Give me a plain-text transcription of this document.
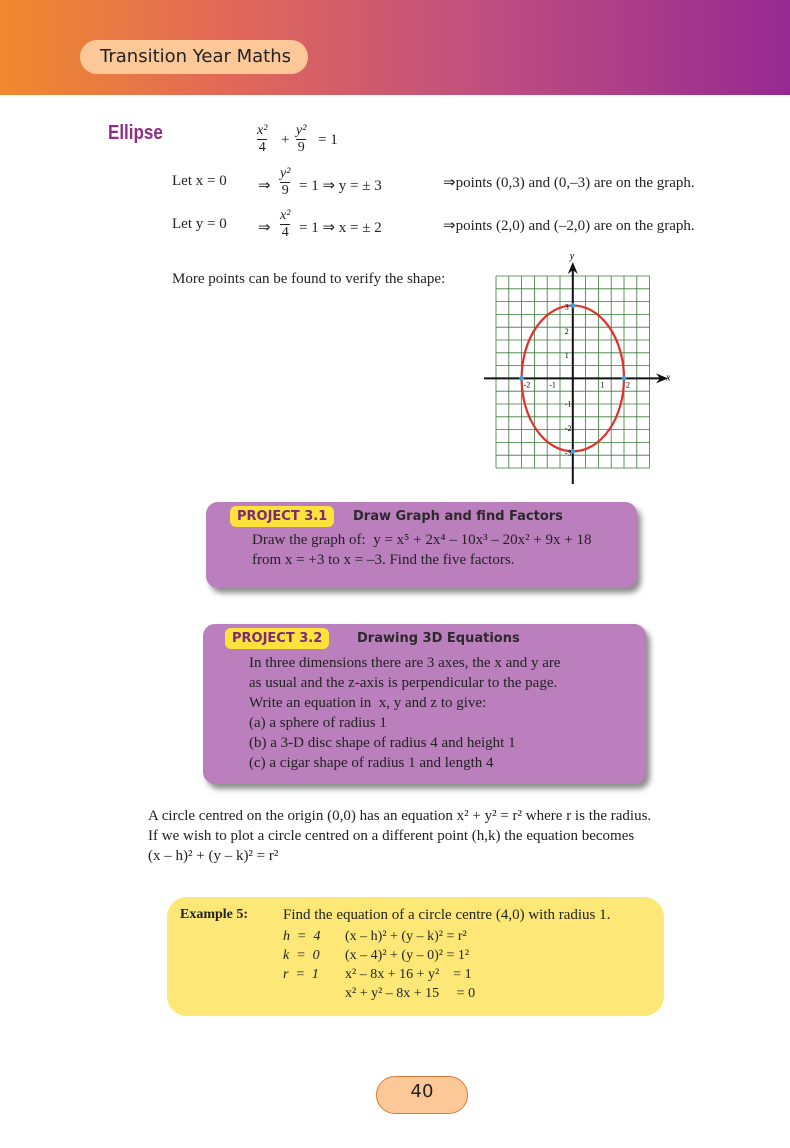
Transition Year Maths
Ellipse	x²
4 +
y²
9 = 1
Let x = 0 ⇒
y²
9 = 1 ⇒ y = ± 3	⇒points (0,3) and (0,–3) are on the graph.
Let y = 0 ⇒
x²
4 = 1 ⇒ x = ± 2	⇒points (2,0) and (–2,0) are on the graph.
More points can be found to verify the shape:
-2 -1	1	2
3
2
1
-1
-2
-3
x
y
PROJECT 3.1	Draw Graph and find Factors
Draw the graph of:  y = x⁵ + 2x⁴ – 10x³ – 20x² + 9x + 18
from x = +3 to x = –3. Find the five factors.
PROJECT 3.2	Drawing 3D Equations
In three dimensions there are 3 axes, the x and y are
as usual and the z-axis is perpendicular to the page.
Write an equation in  x, y and z to give:
(a) a sphere of radius 1
(b) a 3-D disc shape of radius 4 and height 1
(c) a cigar shape of radius 1 and length 4
A circle centred on the origin (0,0) has an equation x² + y² = r² where r is the radius.
If we wish to plot a circle centred on a different point (h,k) the equation becomes
(x – h)² + (y – k)² = r²
Example 5: Find the equation of a circle centre (4,0) with radius 1.
h  =  4 (x – h)² + (y – k)² = r²
k  =  0 (x – 4)² + (y – 0)² = 1²
r  =  1 x² – 8x + 16 + y²    = 1
x² + y² – 8x + 15     = 0
40
